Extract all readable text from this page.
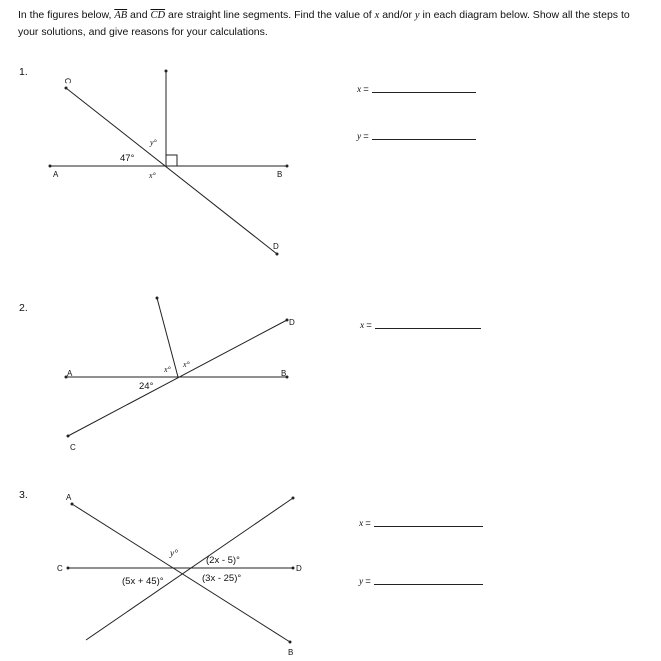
In the figures below, $\overline{AB}$ and $\overline{CD}$ are straight line segments. Find the value of x and/or y in each diagram below. Show all the steps to your solutions, and give reasons for your calculations.
1.
2.
3.
x =
y =
x =
x =
y =
A	B
C
D
47°
y°
x°
A	B
C
D
24°
x°
x°
A
B
C	D
y°
(2x - 5)°
(3x - 25)°
(5x + 45)°
